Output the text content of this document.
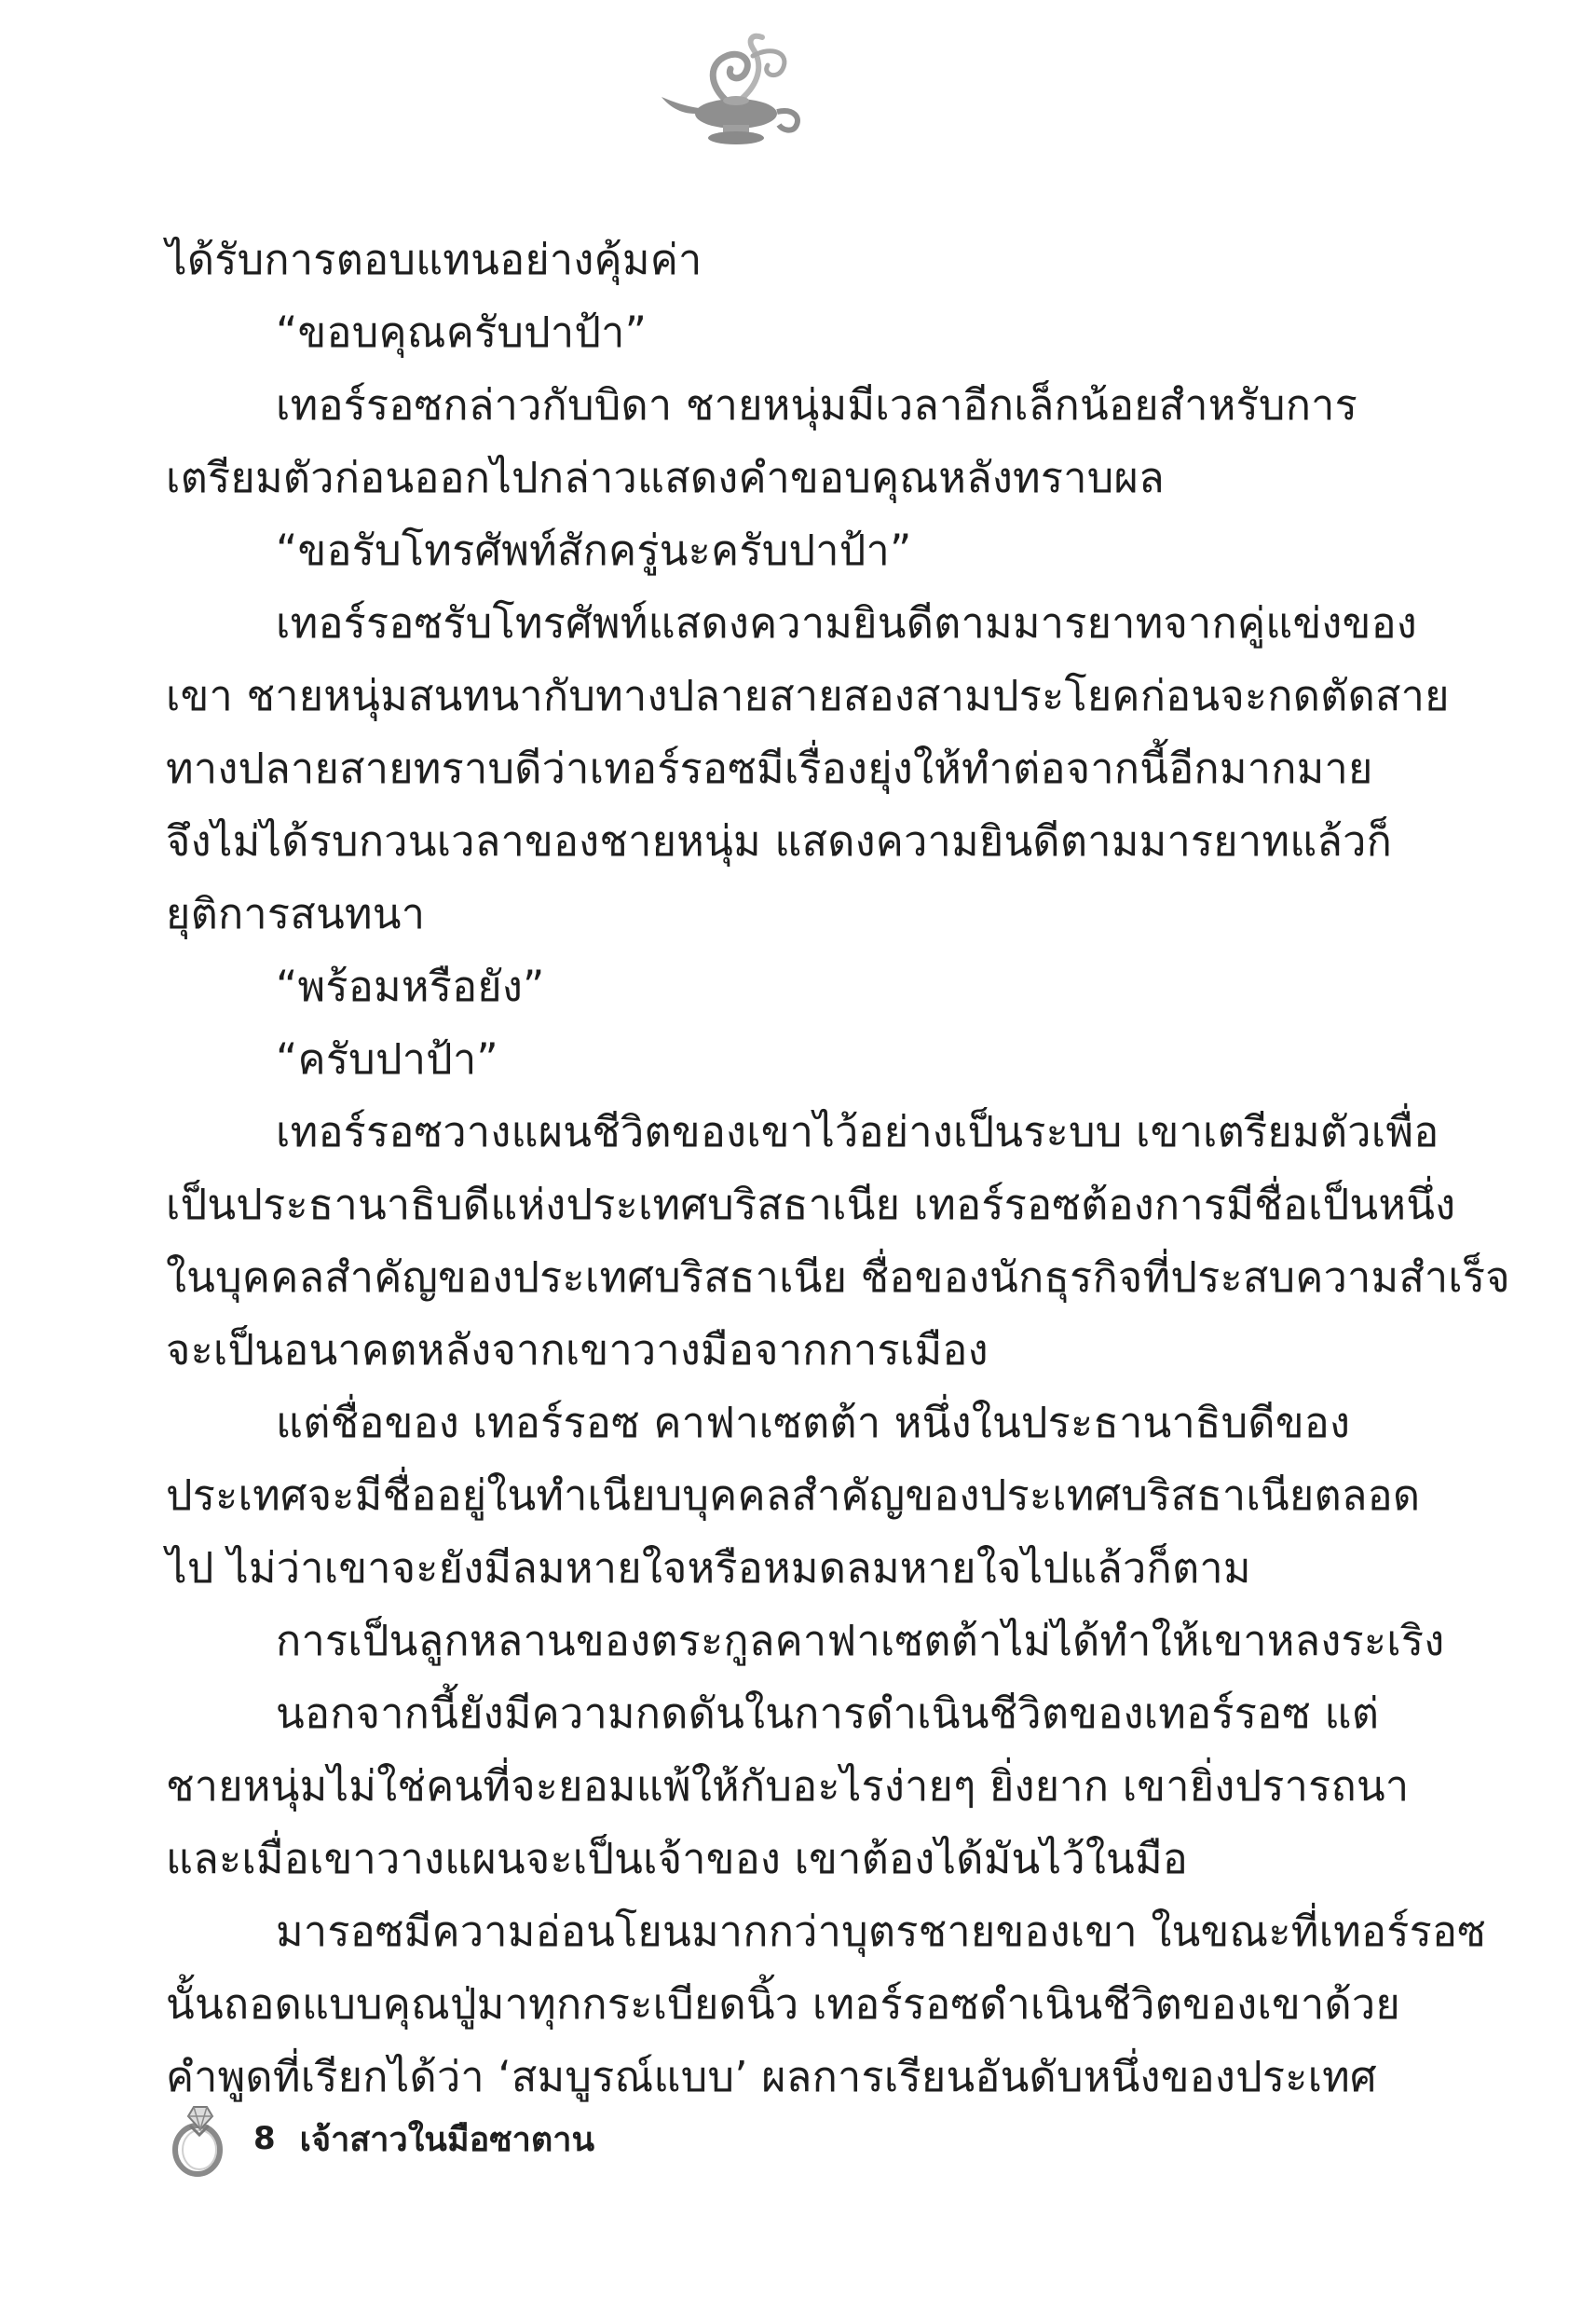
ได้รับการตอบแทนอย่างคุ้มค่า
“ขอบคุณครับปาป้า”
เทอร์รอซกล่าวกับบิดา ชายหนุ่มมีเวลาอีกเล็กน้อยสำหรับการ
เตรียมตัวก่อนออกไปกล่าวแสดงคำขอบคุณหลังทราบผล
“ขอรับโทรศัพท์สักครู่นะครับปาป้า”
เทอร์รอซรับโทรศัพท์แสดงความยินดีตามมารยาทจากคู่แข่งของ
เขา ชายหนุ่มสนทนากับทางปลายสายสองสามประโยคก่อนจะกดตัดสาย
ทางปลายสายทราบดีว่าเทอร์รอซมีเรื่องยุ่งให้ทำต่อจากนี้อีกมากมาย
จึงไม่ได้รบกวนเวลาของชายหนุ่ม แสดงความยินดีตามมารยาทแล้วก็
ยุติการสนทนา
“พร้อมหรือยัง”
“ครับปาป้า”
เทอร์รอซวางแผนชีวิตของเขาไว้อย่างเป็นระบบ เขาเตรียมตัวเพื่อ
เป็นประธานาธิบดีแห่งประเทศบริสธาเนีย เทอร์รอซต้องการมีชื่อเป็นหนึ่ง
ในบุคคลสำคัญของประเทศบริสธาเนีย ชื่อของนักธุรกิจที่ประสบความสำเร็จ
จะเป็นอนาคตหลังจากเขาวางมือจากการเมือง
แต่ชื่อของ เทอร์รอซ คาฟาเซตต้า หนึ่งในประธานาธิบดีของ
ประเทศจะมีชื่ออยู่ในทำเนียบบุคคลสำคัญของประเทศบริสธาเนียตลอด
ไป ไม่ว่าเขาจะยังมีลมหายใจหรือหมดลมหายใจไปแล้วก็ตาม
การเป็นลูกหลานของตระกูลคาฟาเซตต้าไม่ได้ทำให้เขาหลงระเริง
นอกจากนี้ยังมีความกดดันในการดำเนินชีวิตของเทอร์รอซ แต่
ชายหนุ่มไม่ใช่คนที่จะยอมแพ้ให้กับอะไรง่ายๆ ยิ่งยาก เขายิ่งปรารถนา
และเมื่อเขาวางแผนจะเป็นเจ้าของ เขาต้องได้มันไว้ในมือ
มารอซมีความอ่อนโยนมากกว่าบุตรชายของเขา ในขณะที่เทอร์รอซ
นั้นถอดแบบคุณปู่มาทุกกระเบียดนิ้ว เทอร์รอซดำเนินชีวิตของเขาด้วย
คำพูดที่เรียกได้ว่า ‘สมบูรณ์แบบ’ ผลการเรียนอันดับหนึ่งของประเทศ
8 เจ้าสาวในมือซาตาน
